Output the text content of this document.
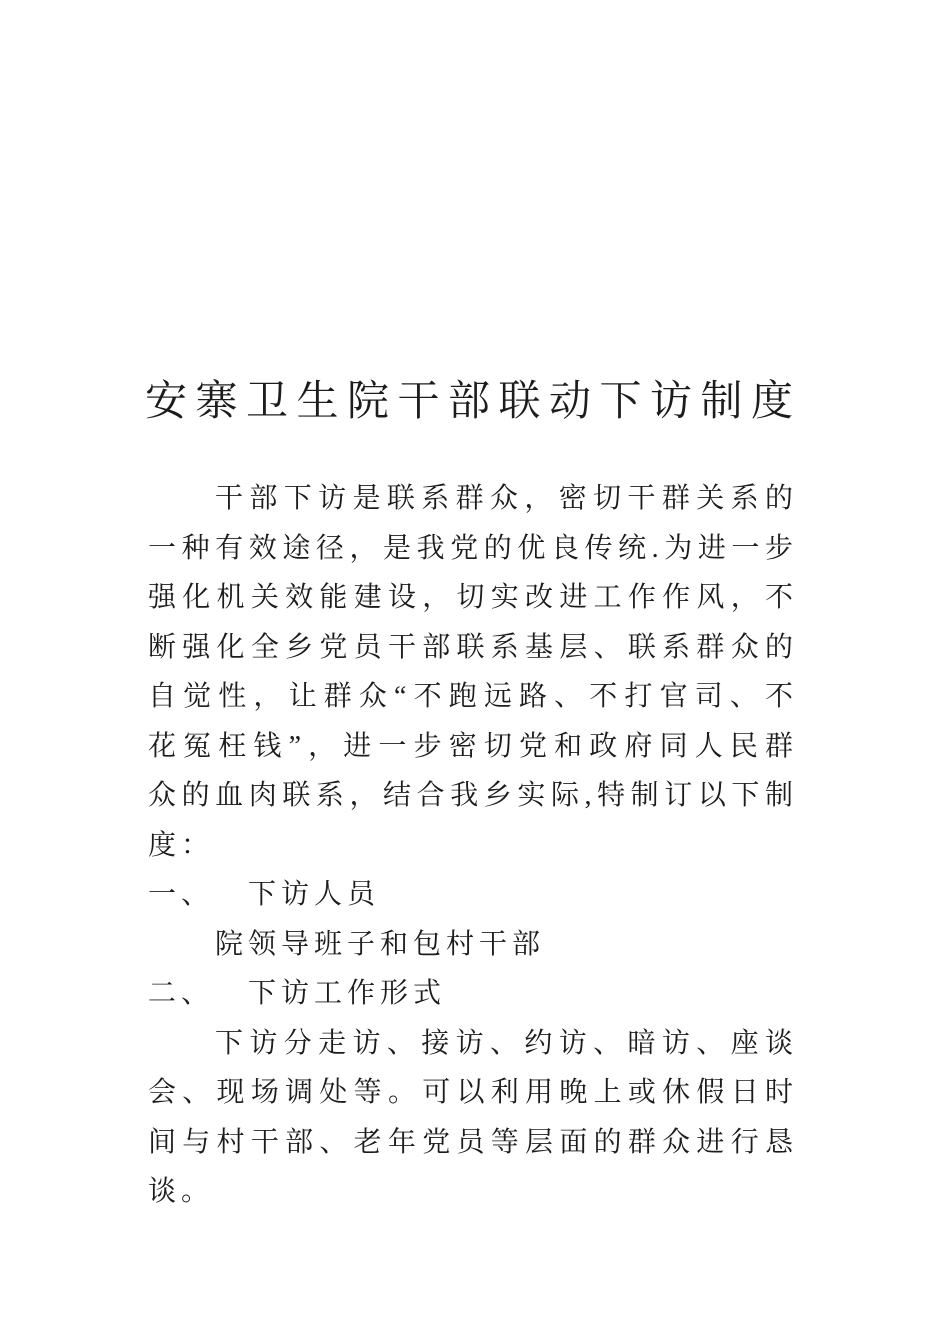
安寨卫生院干部联动下访制度
干部下访是联系群众，密切干群关系的
一种有效途径，是我党的优良传统.为进一步
强化机关效能建设，切实改进工作作风，不
断强化全乡党员干部联系基层、联系群众的
自觉性，让群众“不跑远路、不打官司、不
花冤枉钱”，进一步密切党和政府同人民群
众的血肉联系，结合我乡实际,特制订以下制
度：
一、 下访人员
院领导班子和包村干部
二、 下访工作形式
下访分走访、接访、约访、暗访、座谈
会、现场调处等。可以利用晚上或休假日时
间与村干部、老年党员等层面的群众进行恳
谈。
